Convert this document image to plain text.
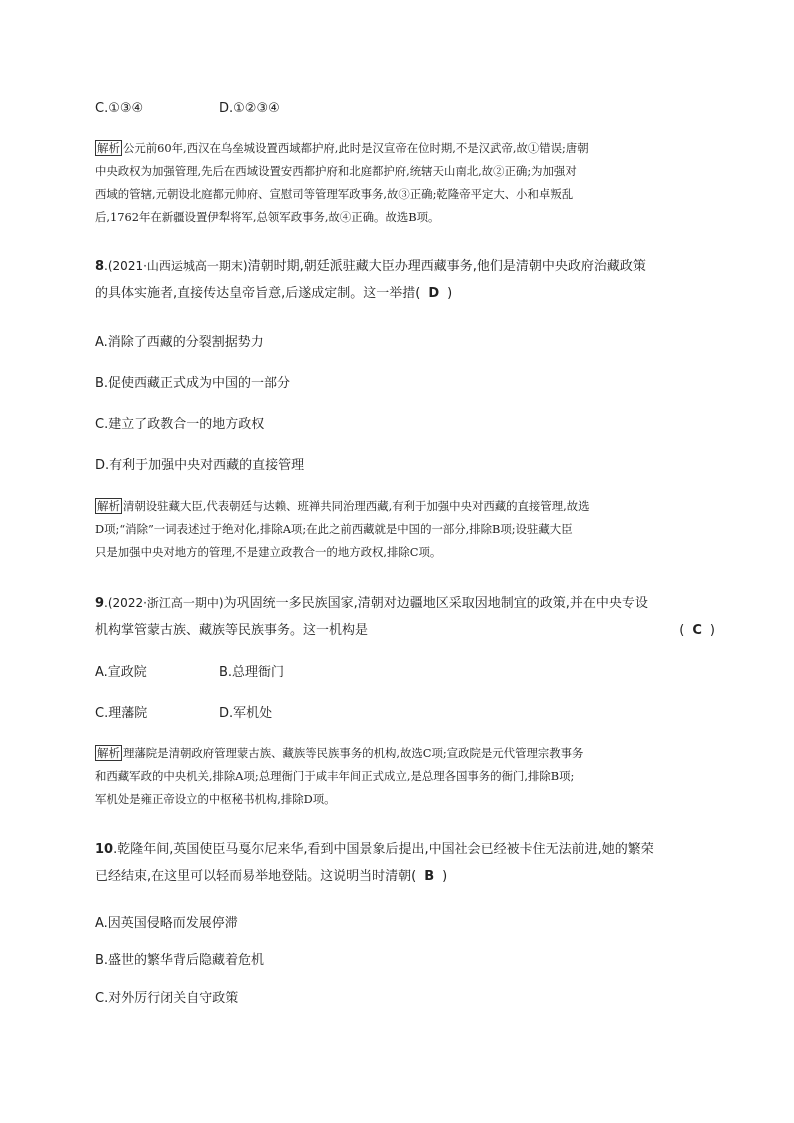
C.①③④	D.①②③④
解析 公元前60年,西汉在乌垒城设置西域都护府,此时是汉宣帝在位时期,不是汉武帝,故①错误;唐朝
中央政权为加强管理,先后在西域设置安西都护府和北庭都护府,统辖天山南北,故②正确;为加强对
西域的管辖,元朝设北庭都元帅府、宣慰司等管理军政事务,故③正确;乾隆帝平定大、小和卓叛乱
后,1762年在新疆设置伊犁将军,总领军政事务,故④正确。故选B项。
8.(2021·山西运城高一期末)清朝时期,朝廷派驻藏大臣办理西藏事务,他们是清朝中央政府治藏政策
的具体实施者,直接传达皇帝旨意,后遂成定制。这一举措( D )
A.消除了西藏的分裂割据势力
B.促使西藏正式成为中国的一部分
C.建立了政教合一的地方政权
D.有利于加强中央对西藏的直接管理
解析 清朝设驻藏大臣,代表朝廷与达赖、班禅共同治理西藏,有利于加强中央对西藏的直接管理,故选
D项;“消除”一词表述过于绝对化,排除A项;在此之前西藏就是中国的一部分,排除B项;设驻藏大臣
只是加强中央对地方的管理,不是建立政教合一的地方政权,排除C项。
9.(2022·浙江高一期中)为巩固统一多民族国家,清朝对边疆地区采取因地制宜的政策,并在中央专设
机构掌管蒙古族、藏族等民族事务。这一机构是	( C )
A.宣政院	B.总理衙门
C.理藩院	D.军机处
解析 理藩院是清朝政府管理蒙古族、藏族等民族事务的机构,故选C项;宣政院是元代管理宗教事务
和西藏军政的中央机关,排除A项;总理衙门于咸丰年间正式成立,是总理各国事务的衙门,排除B项;
军机处是雍正帝设立的中枢秘书机构,排除D项。
10.乾隆年间,英国使臣马戛尔尼来华,看到中国景象后提出,中国社会已经被卡住无法前进,她的繁荣
已经结束,在这里可以轻而易举地登陆。这说明当时清朝( B )
A.因英国侵略而发展停滞
B.盛世的繁华背后隐藏着危机
C.对外厉行闭关自守政策
